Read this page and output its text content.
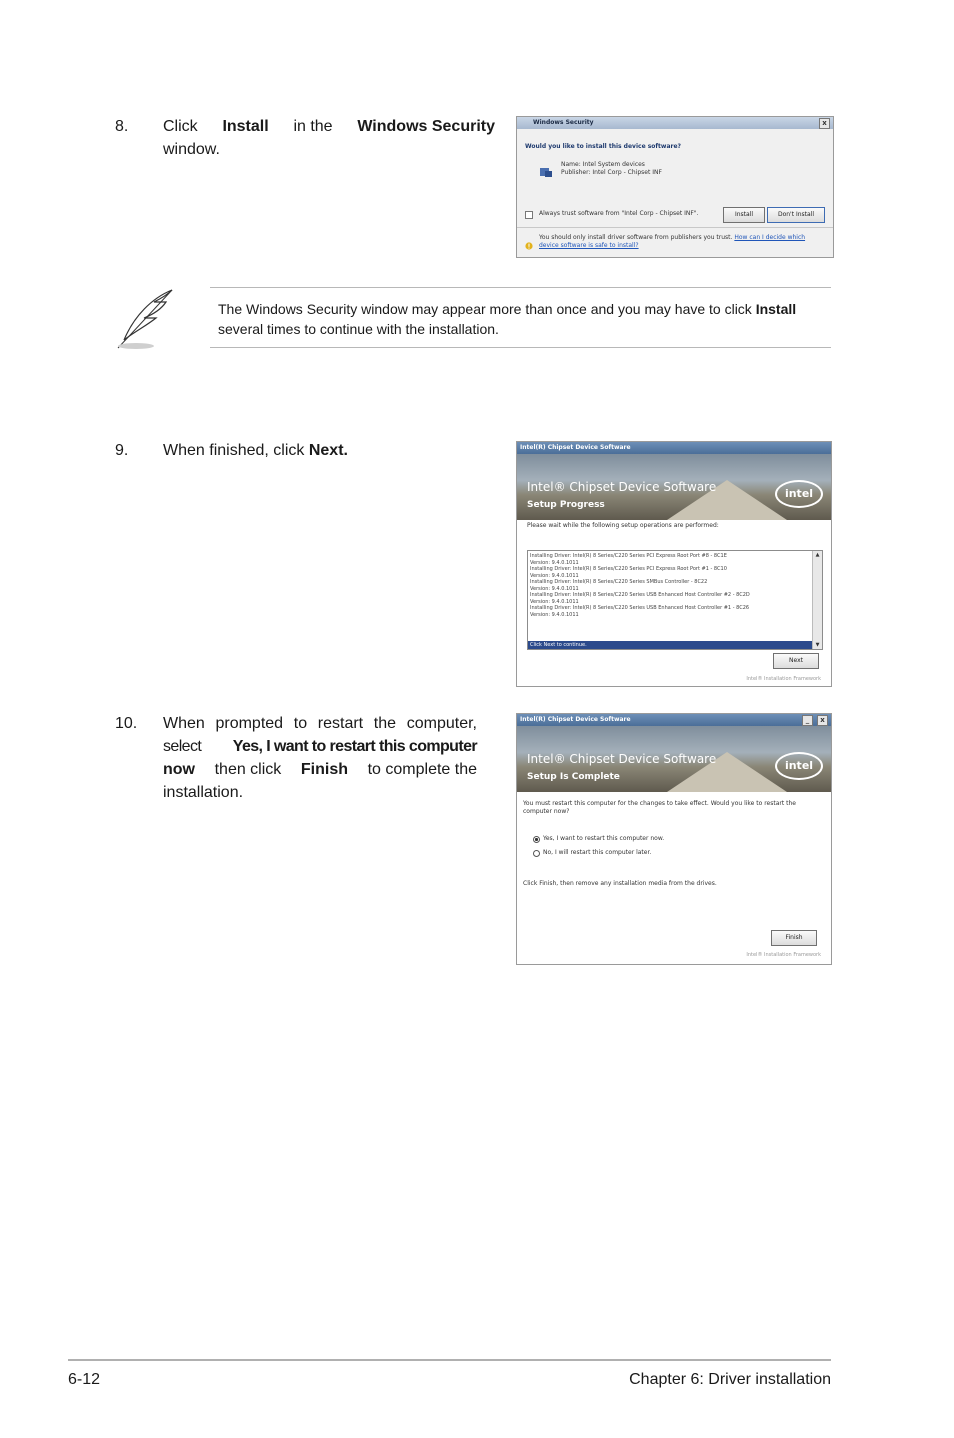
8. Click Install in the Windows Security
window.
Windows Security	x
Would you like to install this device software?
Name: Intel System devices
Publisher: Intel Corp - Chipset INF
Always trust software from "Intel Corp - Chipset INF".	Install	Don't Install
You should only install driver software from publishers you trust. How can I decide which device software is safe to install?
The Windows Security window may appear more than once and you may have to click Install several times to continue with the installation.
9. When finished, click Next.	Intel(R) Chipset Device Software
Intel® Chipset Device Software
Setup Progress
intel
Please wait while the following setup operations are performed:
Installing Driver: Intel(R) 8 Series/C220 Series PCI Express Root Port #8 - 8C1E
Version: 9.4.0.1011
Installing Driver: Intel(R) 8 Series/C220 Series PCI Express Root Port #1 - 8C10
Version: 9.4.0.1011
Installing Driver: Intel(R) 8 Series/C220 Series SMBus Controller - 8C22
Version: 9.4.0.1011
Installing Driver: Intel(R) 8 Series/C220 Series USB Enhanced Host Controller #2 - 8C2D
Version: 9.4.0.1011
Installing Driver: Intel(R) 8 Series/C220 Series USB Enhanced Host Controller #1 - 8C26
Version: 9.4.0.1011
Click Next to continue.
▲
▼
Next
Intel® Installation Framework
10. When prompted to restart the computer,
select Yes, I want to restart this computer
now then click Finish to complete the
installation.
Intel(R) Chipset Device Software	_	x
Intel® Chipset Device Software
Setup Is Complete
intel
You must restart this computer for the changes to take effect. Would you like to restart the computer now?
Yes, I want to restart this computer now.
No, I will restart this computer later.
Click Finish, then remove any installation media from the drives.
Finish
Intel® Installation Framework
6-12	Chapter 6: Driver installation
